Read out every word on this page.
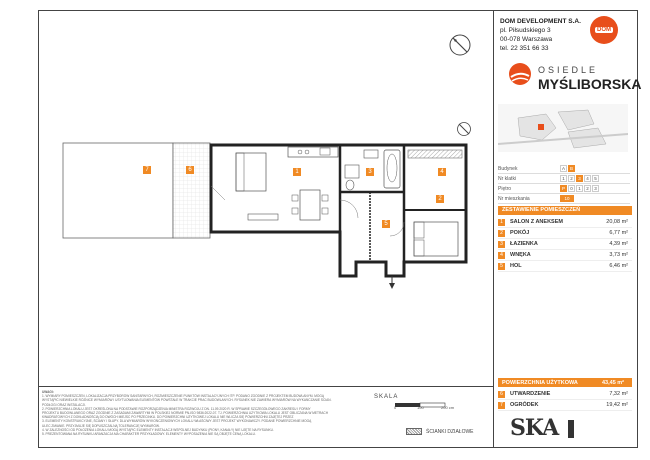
7	6	1	3	4
2
5
DOM DEVELOPMENT S.A.
pl. Piłsudskiego 3
00-078 Warszawa
tel. 22 351 66 33
DOM
OSIEDLE
MYŚLIBORSKA
Budynek	A	B
Nr klatki	1	2	3	4	5
Piętro	P	0	1	2	3
Nr mieszkania	10
ZESTAWIENIE POMIESZCZEŃ
1	SALON Z ANEKSEM	20,08 m²
2	POKÓJ	6,77 m²
3	ŁAZIENKA	4,39 m²
4	WNĘKA	3,73 m²
5	HOL	6,46 m²
POWIERZCHNIA UŻYTKOWA	43,45 m²
6	UTWARDZENIE	7,32 m²
7	OGRÓDEK	19,42 m²
UWAGI:
1. WYMIARY POMIESZCZEŃ, LOKALIZACJA PRZYBORÓW SANITARNYCH, ROZMIESZCZENIE PUNKTÓW INSTALACYJNYCH ITP. PODANO ZGODNIE Z PROJEKTEM BUDOWLANYM. MOGĄ
WYSTĄPIĆ NIEWIELKIE RÓŻNICE WYMIARÓW I USYTUOWANIA ELEMENTÓW POWSTAŁE W TRAKCIE PRAC BUDOWLANYCH. RYSUNEK NIE ZAWIERA WYMIARÓW NA WYKAŃCZANIE ŚCIAN.
PODŁOGI ORAZ INSTALACJI.
2. POWIERZCHNIA LOKALU JEST OKREŚLONA NA PODSTAWIE ROZPORZĄDZENIA MINISTRA ROZWOJU Z DN. 11.09.2020 R. W SPRAWIE SZCZEGÓŁOWEGO ZAKRESU I FORMY
PROJEKTU BUDOWLANEGO ORAZ ZGODNIE Z ZASADAMI ZAWARTYMI W POLSKIEJ NORMIE PN-ISO 9836:2022-07. TJ. POWIERZCHNIA UŻYTKOWA LOKALU JEST OBLICZANA W METRACH
KWADRATOWYCH Z DOKŁADNOŚCIĄ DO DWÓCH MIEJSC PO PRZECINKU. DO POWIERZCHNI UŻYTKOWEJ LOKALU NIE WLICZA SIĘ POWIERZCHNI ZAJĘTEJ PRZEZ
3. ELEMENTY KONSTRUKCYJNE, ŚCIANY I SŁUPY. DLA WYMIARÓW WYKOŃCZENIOWYCH LOKALU WŁAŚCIWY JEST PROJEKT WYKONAWCZY. PODANE POWIERZCHNIE MOGĄ
ULEC ZMIANIE. PRZYJMUJE SIĘ DOPUSZCZALNĄ TOLERANCJĘ WYMIARÓW.
4. W ZALEŻNOŚCI OD POŁOŻENIA LOKALU MOGĄ WYSTĄPIĆ ELEMENTY INSTALACJI WSPÓLNEJ BUDYNKU (PIONY, KANAŁY) NIE UJĘTE NA RYSUNKU.
5. PREZENTOWANA NA RYSUNKU ARANŻACJA MA CHARAKTER PRZYKŁADOWY. ELEMENTY WYPOSAŻENIA NIE SĄ OBJĘTE CENĄ LOKALU.
SKALA
0	100	200 cm
ŚCIANKI DZIAŁOWE SKA
